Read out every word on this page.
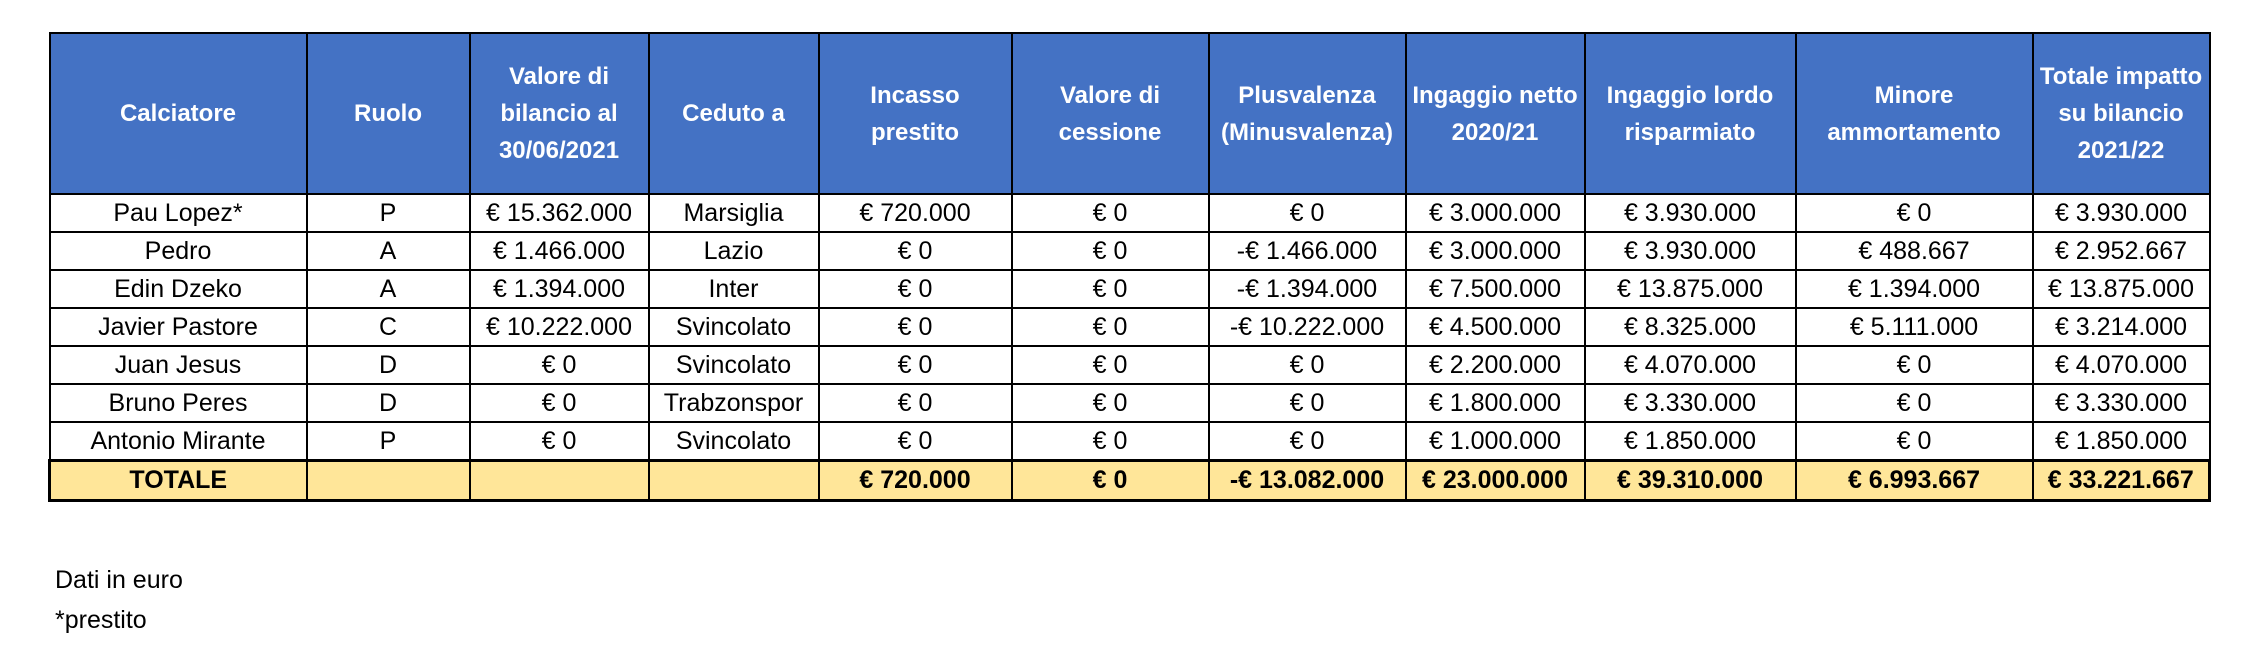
Calciatore	Ruolo	Valore di bilancio al 30/06/2021	Ceduto a	Incasso prestito	Valore di cessione	Plusvalenza (Minusvalenza)	Ingaggio netto 2020/21	Ingaggio lordo risparmiato	Minore ammortamento	Totale impatto su bilancio 2021/22
Pau Lopez*	P	€ 15.362.000	Marsiglia	€ 720.000	€ 0	€ 0	€ 3.000.000	€ 3.930.000	€ 0	€ 3.930.000
Pedro	A	€ 1.466.000	Lazio	€ 0	€ 0	-€ 1.466.000	€ 3.000.000	€ 3.930.000	€ 488.667	€ 2.952.667
Edin Dzeko	A	€ 1.394.000	Inter	€ 0	€ 0	-€ 1.394.000	€ 7.500.000	€ 13.875.000	€ 1.394.000	€ 13.875.000
Javier Pastore	C	€ 10.222.000	Svincolato	€ 0	€ 0	-€ 10.222.000	€ 4.500.000	€ 8.325.000	€ 5.111.000	€ 3.214.000
Juan Jesus	D	€ 0	Svincolato	€ 0	€ 0	€ 0	€ 2.200.000	€ 4.070.000	€ 0	€ 4.070.000
Bruno Peres	D	€ 0	Trabzonspor	€ 0	€ 0	€ 0	€ 1.800.000	€ 3.330.000	€ 0	€ 3.330.000
Antonio Mirante	P	€ 0	Svincolato	€ 0	€ 0	€ 0	€ 1.000.000	€ 1.850.000	€ 0	€ 1.850.000
TOTALE				€ 720.000	€ 0	-€ 13.082.000	€ 23.000.000	€ 39.310.000	€ 6.993.667	€ 33.221.667
Dati in euro
*prestito
